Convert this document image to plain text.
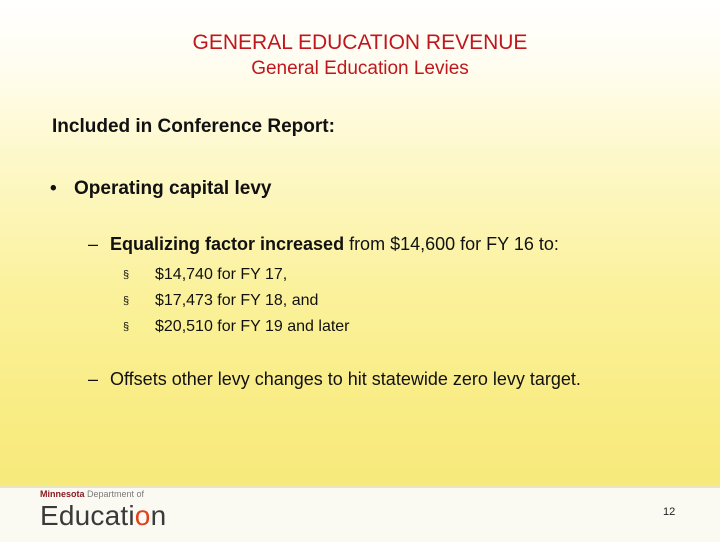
GENERAL EDUCATION REVENUE
General Education Levies
Included in Conference Report:
• Operating capital levy
– Equalizing factor increased from $14,600 for FY 16 to:
§ $14,740 for FY 17,
§ $17,473 for FY 18, and
§ $20,510 for FY 19 and later
– Offsets other levy changes to hit statewide zero levy target.
Minnesota Department of
Education	12
